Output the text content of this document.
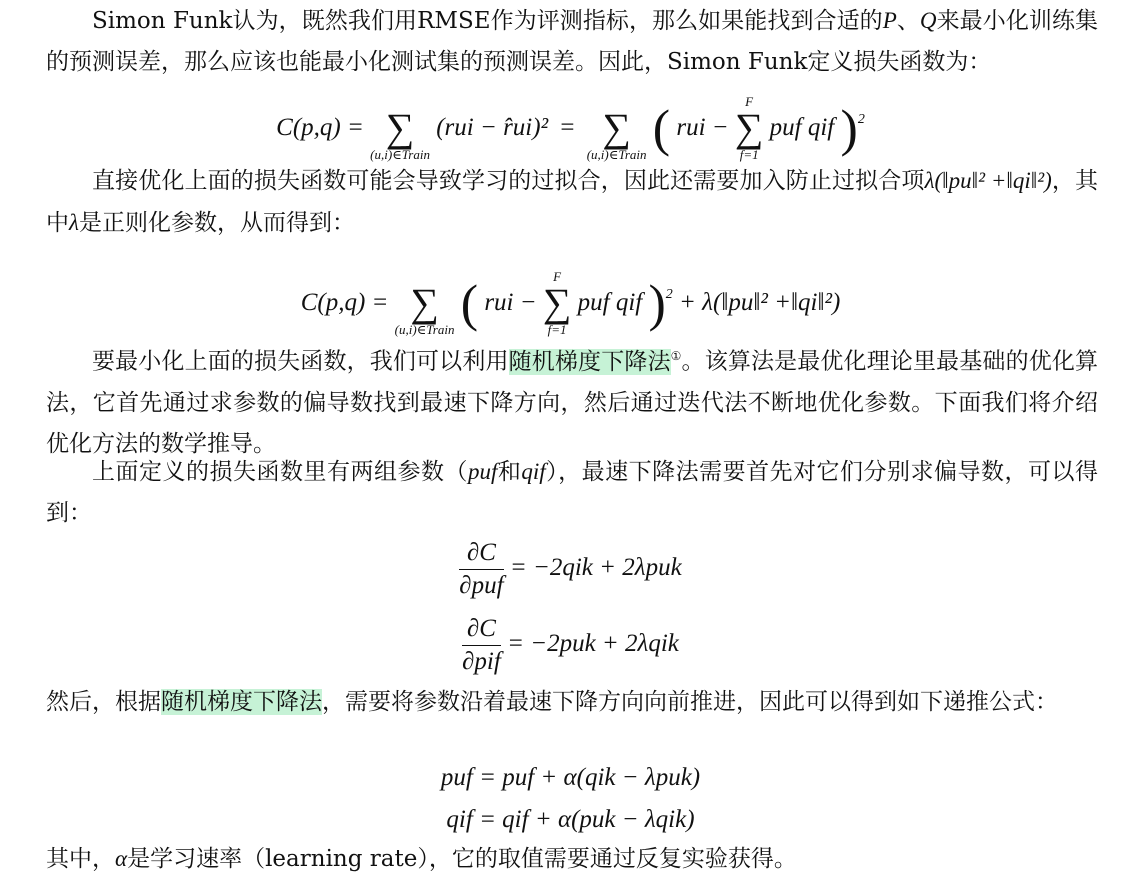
Simon Funk认为，既然我们用RMSE作为评测指标，那么如果能找到合适的P、Q来最小化训练集的预测误差，那么应该也能最小化测试集的预测误差。因此，Simon Funk定义损失函数为：
C(p,q) =
∑
(u,i)∈Train
(rui − r̂ui)² =
∑
(u,i)∈Train ( rui −
F
∑
f=1
puf qif )$^2$
直接优化上面的损失函数可能会导致学习的过拟合，因此还需要加入防止过拟合项λ(‖pu‖² +‖qi‖²)，其中λ是正则化参数，从而得到：
C(p,q) =
∑
(u,i)∈Train ( rui −
F
∑
f=1
puf qif )$^2$ + λ(‖pu‖² +‖qi‖²)
要最小化上面的损失函数，我们可以利用随机梯度下降法①。该算法是最优化理论里最基础的优化算法，它首先通过求参数的偏导数找到最速下降方向，然后通过迭代法不断地优化参数。下面我们将介绍优化方法的数学推导。
上面定义的损失函数里有两组参数（puf和qif），最速下降法需要首先对它们分别求偏导数，可以得到：
$\frac{\partial C}{\text{∂puf}} = -2qik + 2\lambda puk$
$\frac{\partial C}{\text{∂pif}} = -2puk + 2\lambda qik$
然后，根据随机梯度下降法，需要将参数沿着最速下降方向向前推进，因此可以得到如下递推公式：
puf = puf + α(qik − λpuk)
qif = qif + α(puk − λqik)
其中，α是学习速率（learning rate），它的取值需要通过反复实验获得。
